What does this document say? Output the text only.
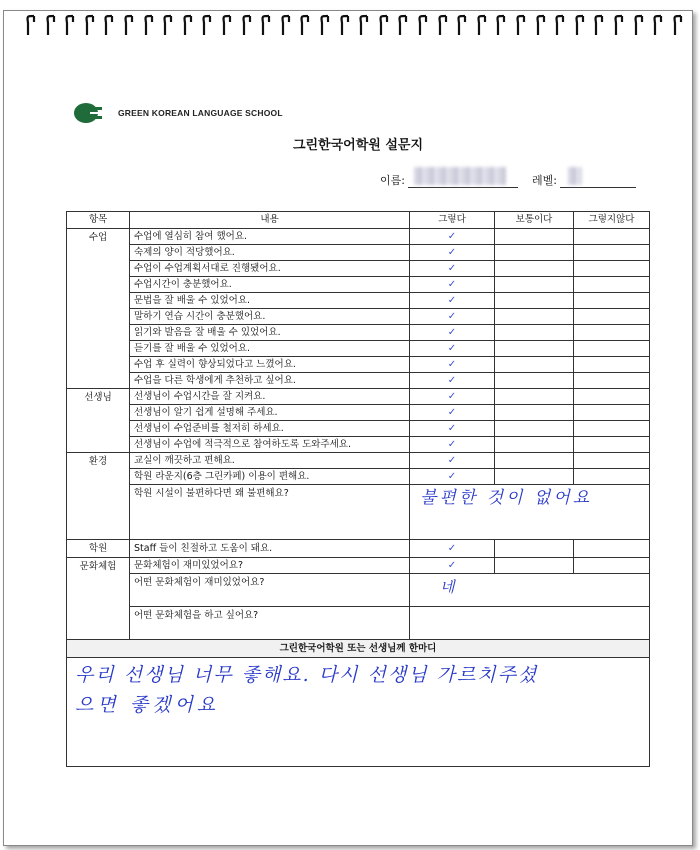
GREEN KOREAN LANGUAGE SCHOOL
그린한국어학원 설문지
이름:	레벨:
항목	내용	그렇다	보통이다	그렇지않다
수업	수업에 열심히 참여 했어요.	✓		
	숙제의 양이 적당했어요.	✓		
	수업이 수업계획서대로 진행됐어요.	✓		
	수업시간이 충분했어요.	✓		
	문법을 잘 배울 수 있었어요.	✓		
	말하기 연습 시간이 충분했어요.	✓		
	읽기와 발음을 잘 배울 수 있었어요.	✓		
	듣기를 잘 배울 수 있었어요.	✓		
	수업 후 실력이 향상되었다고 느꼈어요.	✓		
	수업을 다른 학생에게 추천하고 싶어요.	✓		
선생님	선생님이 수업시간을 잘 지켜요.	✓		
	선생님이 알기 쉽게 설명해 주세요.	✓		
	선생님이 수업준비를 철저히 하세요.	✓		
	선생님이 수업에 적극적으로 참여하도록 도와주세요.	✓		
환경	교실이 깨끗하고 편해요.	✓		
	학원 라운지(6층 그린카페) 이용이 편해요.	✓		
	학원 시설이 불편하다면 왜 불편해요?	불편한 것이 없어요		

학원	Staff 들이 친절하고 도움이 돼요.	✓		
문화체험	문화체험이 재미있었어요?	✓		
	어떤 문화체험이 재미있었어요?	네		

	어떤 문화체험을 하고 싶어요?			

그린한국어학원 또는 선생님께 한마디				

우리 선생님 너무 좋해요. 다시 선생님 가르치주셨
으면 좋겠어요				
